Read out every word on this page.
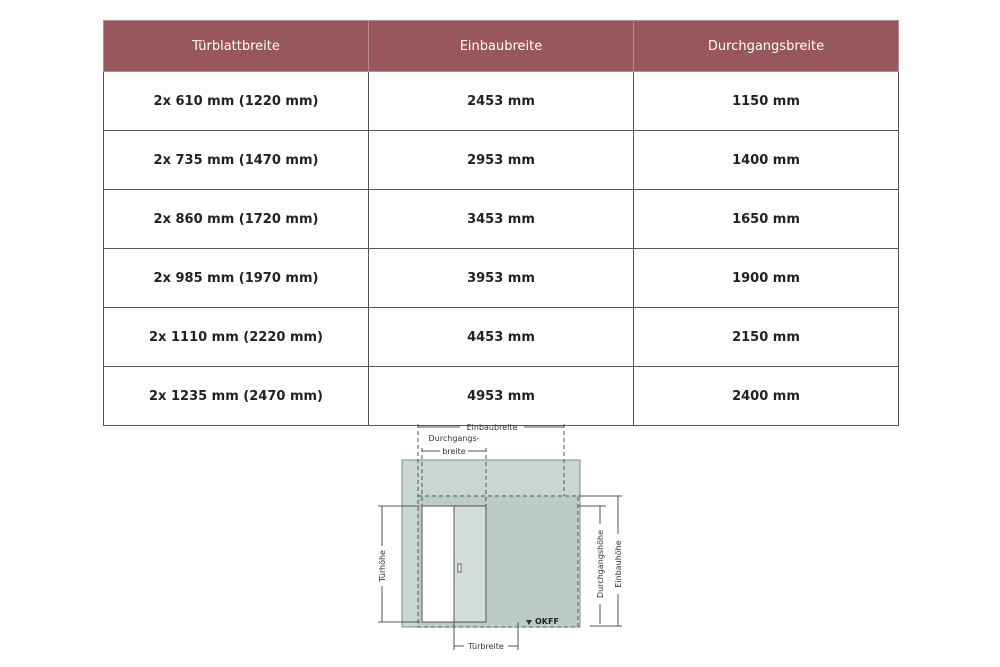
Türblattbreite	Einbaubreite	Durchgangsbreite
2x 610 mm (1220 mm)	2453 mm	1150 mm
2x 735 mm (1470 mm)	2953 mm	1400 mm
2x 860 mm (1720 mm)	3453 mm	1650 mm
2x 985 mm (1970 mm)	3953 mm	1900 mm
2x 1110 mm (2220 mm)	4453 mm	2150 mm
2x 1235 mm (2470 mm)	4953 mm	2400 mm
Einbaubreite
Durchgangs-
breite
Türhöhe	Durchgangshöhe Einbauhöhe
OKFF
Türbreite
